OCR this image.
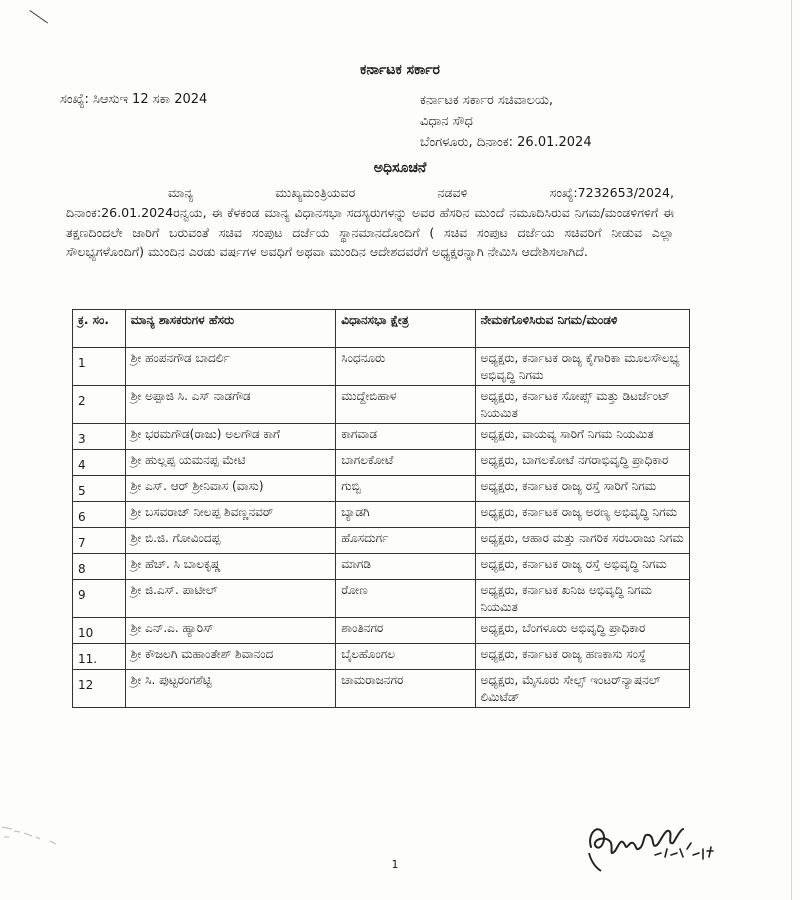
ಕರ್ನಾಟಕ ಸರ್ಕಾರ
ಸಂಖ್ಯೆ: ಸಿಆಸುಇ 12 ಸಕಾ 2024	ಕರ್ನಾಟಕ ಸರ್ಕಾರ ಸಚಿವಾಲಯ,
ವಿಧಾನ ಸೌಧ
ಬೆಂಗಳೂರು, ದಿನಾಂಕ: 26.01.2024
ಅಧಿಸೂಚನೆ
ಮಾನ್ಯ ಮುಖ್ಯಮಂತ್ರಿಯವರ ನಡವಳಿ ಸಂಖ್ಯೆ:7232653/2024,
ದಿನಾಂಕ:26.01.2024ರನ್ವಯ, ಈ ಕೆಳಕಂಡ ಮಾನ್ಯ ವಿಧಾನಸಭಾ ಸದಸ್ಯರುಗಳನ್ನು ಅವರ ಹೆಸರಿನ ಮುಂದೆ ನಮೂದಿಸಿರುವ ನಿಗಮ/ಮಂಡಳಿಗಳಿಗೆ ಈ ತಕ್ಷಣದಿಂದಲೇ ಜಾರಿಗೆ ಬರುವಂತೆ ಸಚಿವ ಸಂಪುಟ ದರ್ಜೆಯ ಸ್ಥಾನಮಾನದೊಂದಿಗೆ ( ಸಚಿವ ಸಂಪುಟ ದರ್ಜೆಯ ಸಚಿವರಿಗೆ ನೀಡುವ ಎಲ್ಲಾ ಸೌಲಭ್ಯಗಳೊಂದಿಗೆ) ಮುಂದಿನ ಎರಡು ವರ್ಷಗಳ ಅವಧಿಗೆ ಅಥವಾ ಮುಂದಿನ ಆದೇಶದವರೆಗೆ ಅಧ್ಯಕ್ಷರನ್ನಾಗಿ ನೇಮಿಸಿ ಆದೇಶಿಸಲಾಗಿದೆ.
ಕ್ರ. ಸಂ.	ಮಾನ್ಯ ಶಾಸಕರುಗಳ ಹೆಸರು	ವಿಧಾನಸಭಾ ಕ್ಷೇತ್ರ	ನೇಮಕಗೊಳಿಸಿರುವ ನಿಗಮ/ಮಂಡಳಿ
1	ಶ್ರೀ ಹಂಪನಗೌಡ ಬಾದರ್ಲಿ	ಸಿಂಧನೂರು	ಅಧ್ಯಕ್ಷರು, ಕರ್ನಾಟಕ ರಾಜ್ಯ ಕೈಗಾರಿಕಾ ಮೂಲಸೌಲಭ್ಯ ಅಭಿವೃದ್ಧಿ ನಿಗಮ
2	ಶ್ರೀ ಅಪ್ಪಾಜಿ ಸಿ. ಎಸ್ ನಾಡಗೌಡ	ಮುದ್ದೇಬಿಹಾಳ	ಅಧ್ಯಕ್ಷರು, ಕರ್ನಾಟಕ ಸೋಪ್ಸ್ ಮತ್ತು ಡಿಟರ್ಜೆಂಟ್ ನಿಯಮಿತ
3	ಶ್ರೀ ಭರಮಗೌಡ(ರಾಜು) ಅಲಗೌಡ ಕಾಗೆ	ಕಾಗವಾಡ	ಅಧ್ಯಕ್ಷರು, ವಾಯವ್ಯ ಸಾರಿಗೆ ನಿಗಮ ನಿಯಮಿತ
4	ಶ್ರೀ ಹುಲ್ಲಪ್ಪ ಯಮನಪ್ಪ ಮೇಟಿ	ಬಾಗಲಕೋಟೆ	ಅಧ್ಯಕ್ಷರು, ಬಾಗಲಕೋಟೆ ನಗರಾಭಿವೃದ್ಧಿ ಪ್ರಾಧಿಕಾರ
5	ಶ್ರೀ ಎಸ್. ಆರ್ ಶ್ರೀನಿವಾಸ (ವಾಸು)	ಗುಬ್ಬಿ	ಅಧ್ಯಕ್ಷರು, ಕರ್ನಾಟಕ ರಾಜ್ಯ ರಸ್ತೆ ಸಾರಿಗೆ ನಿಗಮ
6	ಶ್ರೀ ಬಸವರಾಜ್ ನೀಲಪ್ಪ ಶಿವಣ್ಣನವರ್	ಬ್ಯಾಡಗಿ	ಅಧ್ಯಕ್ಷರು, ಕರ್ನಾಟಕ ರಾಜ್ಯ ಅರಣ್ಯ ಅಭಿವೃದ್ಧಿ ನಿಗಮ
7	ಶ್ರೀ ಬಿ.ಜಿ. ಗೋವಿಂದಪ್ಪ	ಹೊಸದುರ್ಗ	ಅಧ್ಯಕ್ಷರು, ಆಹಾರ ಮತ್ತು ನಾಗರಿಕ ಸರಬರಾಜು ನಿಗಮ
8	ಶ್ರೀ ಹೆಚ್. ಸಿ ಬಾಲಕೃಷ್ಣ	ಮಾಗಡಿ	ಅಧ್ಯಕ್ಷರು, ಕರ್ನಾಟಕ ರಾಜ್ಯ ರಸ್ತೆ ಅಭಿವೃದ್ಧಿ ನಿಗಮ
9	ಶ್ರೀ ಜಿ.ಎಸ್. ಪಾಟೀಲ್	ರೋಣ	ಅಧ್ಯಕ್ಷರು, ಕರ್ನಾಟಕ ಖನಿಜ ಅಭಿವೃದ್ಧಿ ನಿಗಮ ನಿಯಮಿತ
10	ಶ್ರೀ ಎನ್.ಎ. ಹ್ಯಾರಿಸ್	ಶಾಂತಿನಗರ	ಅಧ್ಯಕ್ಷರು, ಬೆಂಗಳೂರು ಅಭಿವೃದ್ಧಿ ಪ್ರಾಧಿಕಾರ
11.	ಶ್ರೀ ಕೌಜಲಗಿ ಮಹಾಂತೇಶ್ ಶಿವಾನಂದ	ಬೈಲಹೊಂಗಲ	ಅಧ್ಯಕ್ಷರು, ಕರ್ನಾಟಕ ರಾಜ್ಯ ಹಣಕಾಸು ಸಂಸ್ಥೆ
12	ಶ್ರೀ ಸಿ. ಪುಟ್ಟರಂಗಶೆಟ್ಟಿ	ಚಾಮರಾಜನಗರ	ಅಧ್ಯಕ್ಷರು, ಮೈಸೂರು ಸೇಲ್ಸ್ ಇಂಟರ್‌ನ್ಯಾಷನಲ್ ಲಿಮಿಟೆಡ್
1
